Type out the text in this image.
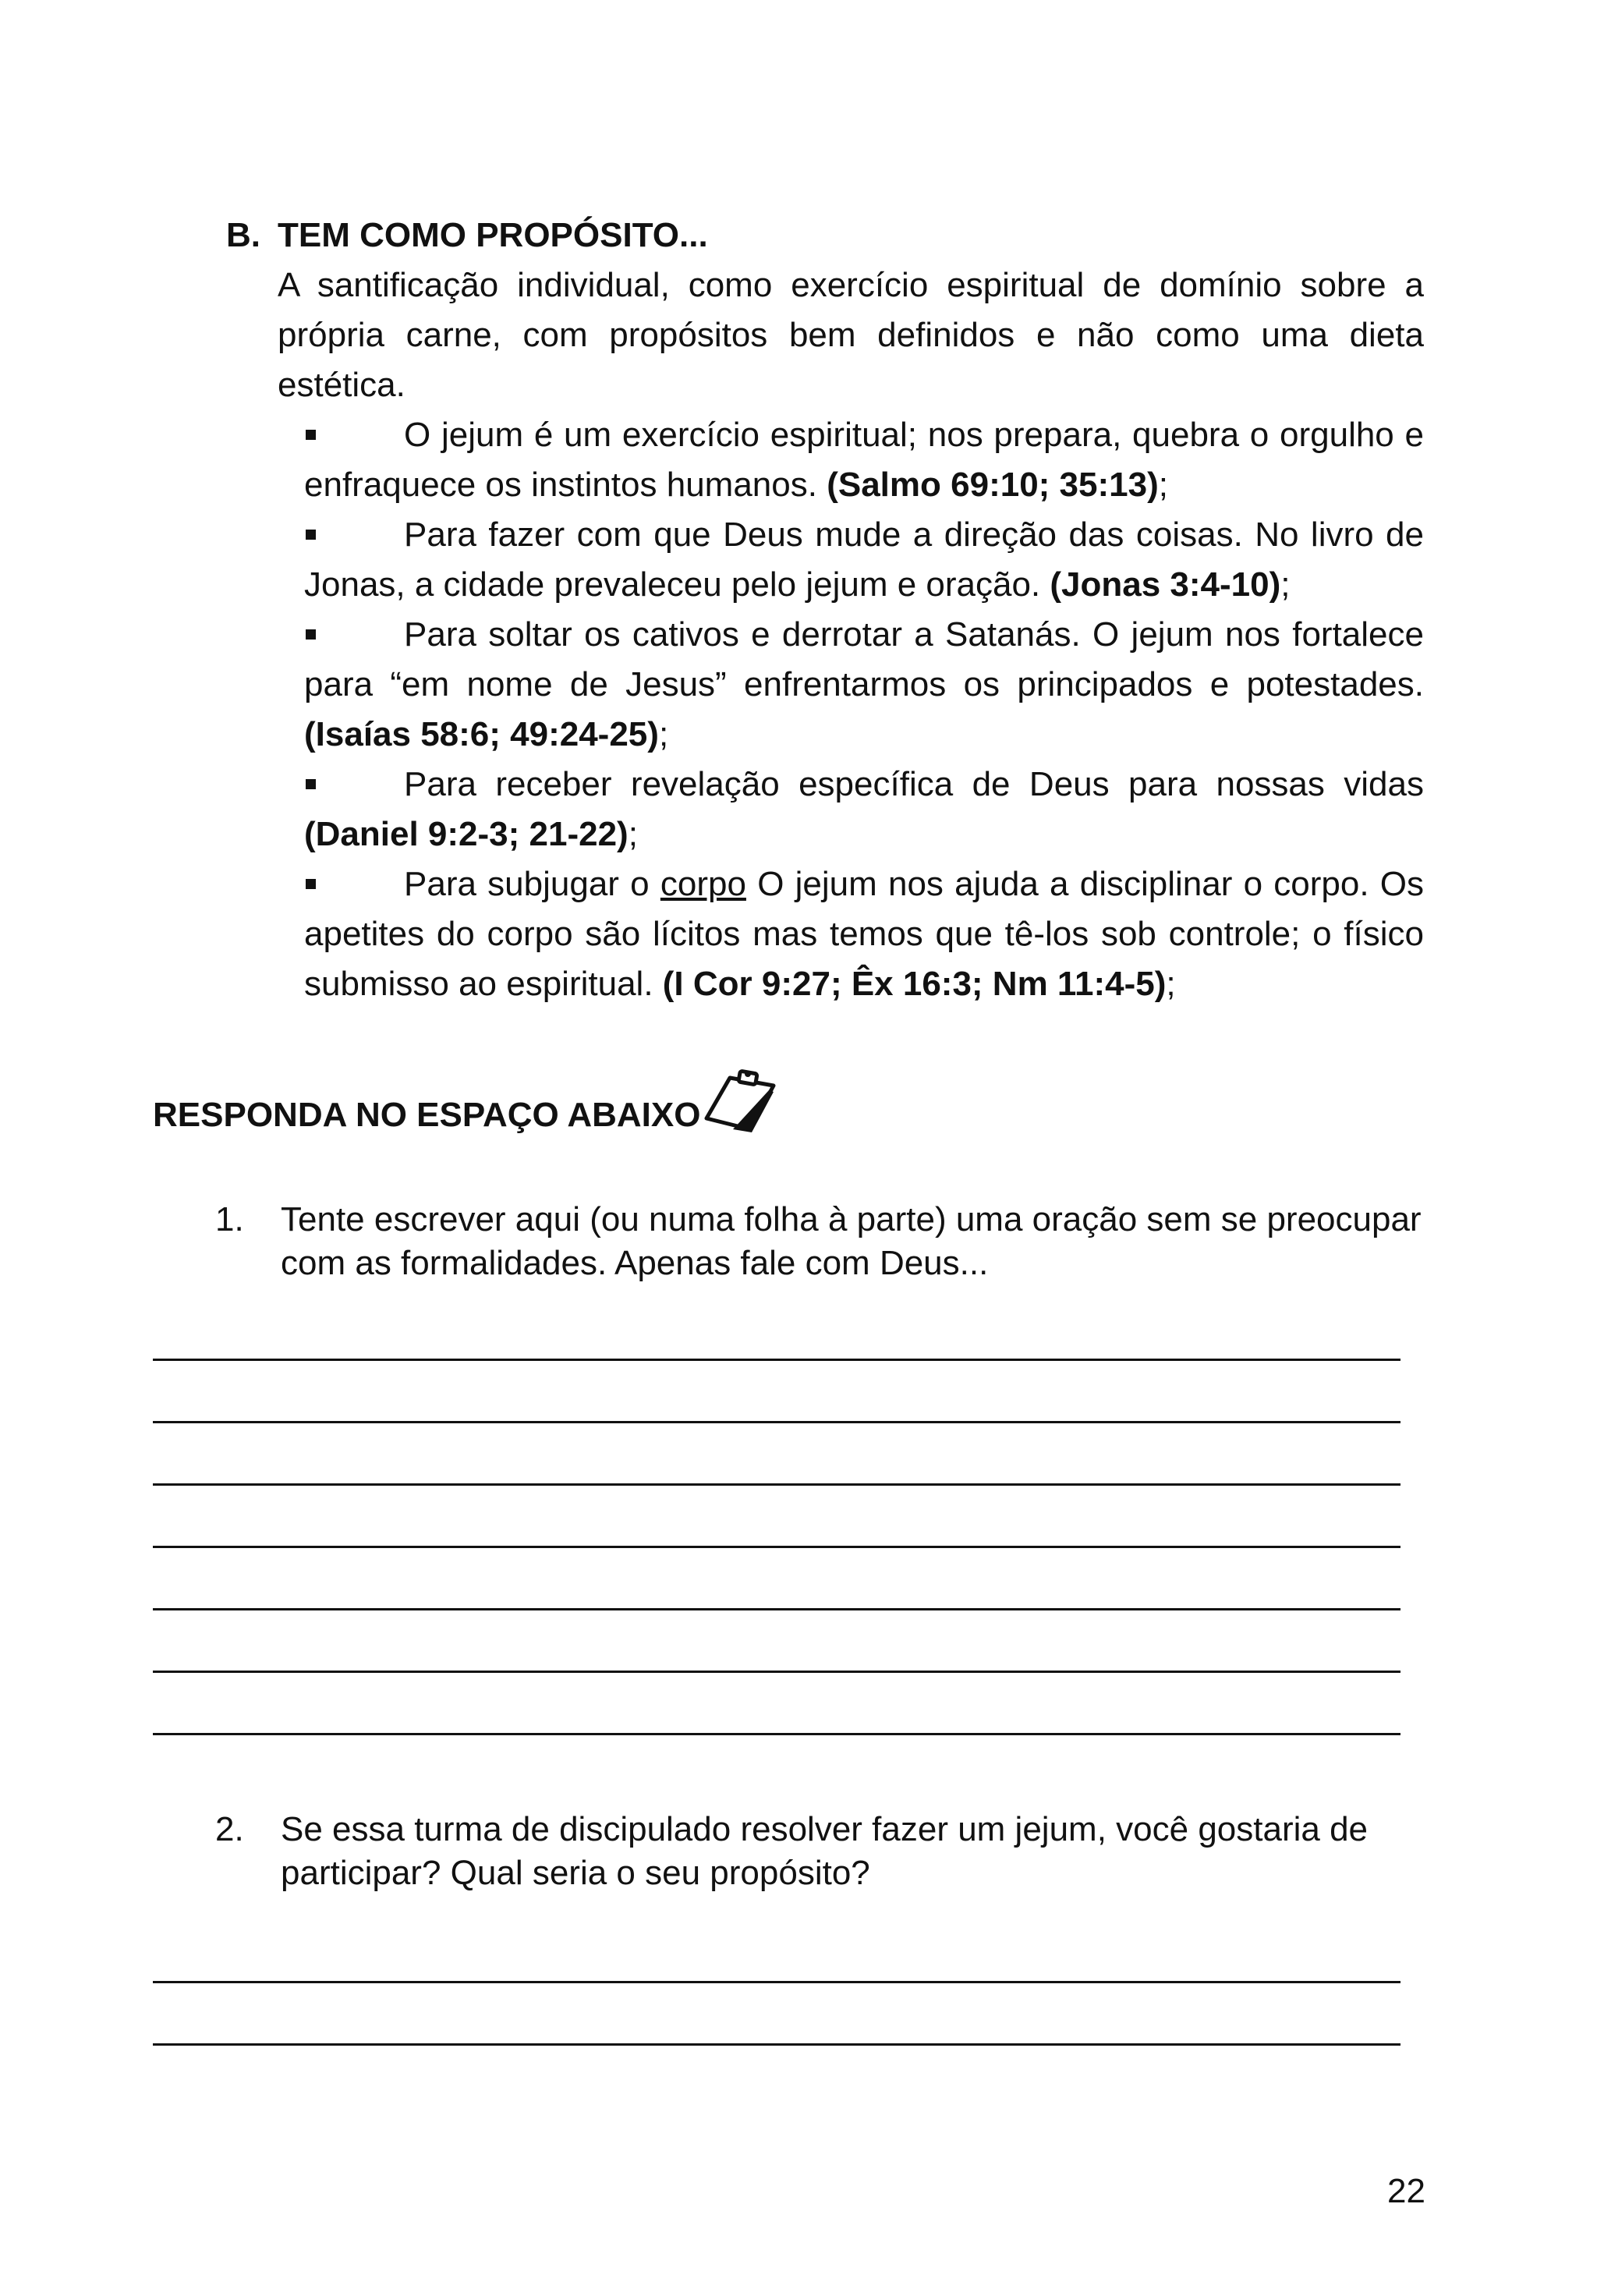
B. TEM COMO PROPÓSITO...

A santificação individual, como exercício espiritual de domínio sobre a própria carne, com propósitos bem definidos e não como uma dieta estética.

O jejum é um exercício espiritual; nos prepara, quebra o orgulho e enfraquece os instintos humanos. (Salmo 69:10; 35:13);
Para fazer com que Deus mude a direção das coisas. No livro de Jonas, a cidade prevaleceu pelo jejum e oração. (Jonas 3:4-10);
Para soltar os cativos e derrotar a Satanás. O jejum nos fortalece para “em nome de Jesus” enfrentarmos os principados e potestades. (Isaías 58:6; 49:24-25);
Para receber revelação específica de Deus para nossas vidas (Daniel 9:2-3; 21-22);
Para subjugar o corpo O jejum nos ajuda a disciplinar o corpo. Os apetites do corpo são lícitos mas temos que tê-los sob controle; o físico submisso ao espiritual. (I Cor 9:27; Êx 16:3; Nm 11:4-5);
RESPONDA NO ESPAÇO ABAIXO
1.	Tente escrever aqui (ou numa folha à parte) uma oração sem se preocupar com as formalidades. Apenas fale com Deus...
2.	Se essa turma de discipulado resolver fazer um jejum, você gostaria de participar? Qual seria o seu propósito?
22
